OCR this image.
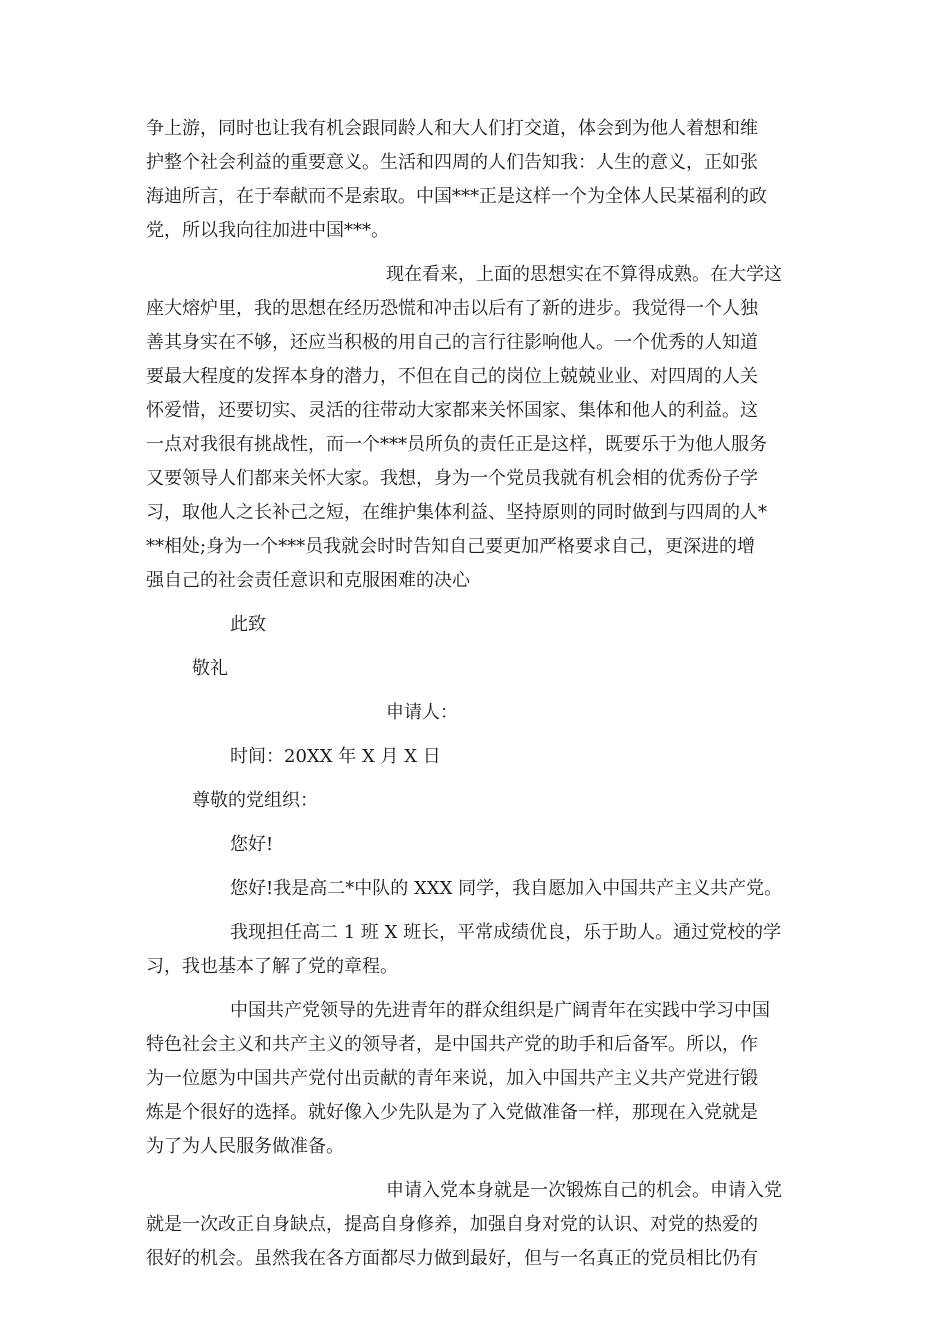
争上游，同时也让我有机会跟同龄人和大人们打交道，体会到为他人着想和维
护整个社会利益的重要意义。生活和四周的人们告知我：人生的意义，正如张
海迪所言，在于奉献而不是索取。中国***正是这样一个为全体人民某福利的政
党，所以我向往加进中国***。
现在看来，上面的思想实在不算得成熟。在大学这
座大熔炉里，我的思想在经历恐慌和冲击以后有了新的进步。我觉得一个人独
善其身实在不够，还应当积极的用自己的言行往影响他人。一个优秀的人知道
要最大程度的发挥本身的潜力，不但在自己的岗位上兢兢业业、对四周的人关
怀爱惜，还要切实、灵活的往带动大家都来关怀国家、集体和他人的利益。这
一点对我很有挑战性，而一个***员所负的责任正是这样，既要乐于为他人服务
又要领导人们都来关怀大家。我想，身为一个党员我就有机会相的优秀份子学
习，取他人之长补己之短，在维护集体利益、坚持原则的同时做到与四周的人*
**相处;身为一个***员我就会时时告知自己要更加严格要求自己，更深进的增
强自己的社会责任意识和克服困难的决心
此致
敬礼
申请人：
时间：20XX 年 X 月 X 日
尊敬的党组织：
您好!
您好!我是高二*中队的 XXX 同学，我自愿加入中国共产主义共产党。
我现担任高二 1 班 X 班长，平常成绩优良，乐于助人。通过党校的学
习，我也基本了解了党的章程。
中国共产党领导的先进青年的群众组织是广阔青年在实践中学习中国
特色社会主义和共产主义的领导者，是中国共产党的助手和后备军。所以，作
为一位愿为中国共产党付出贡献的青年来说，加入中国共产主义共产党进行锻
炼是个很好的选择。就好像入少先队是为了入党做准备一样，那现在入党就是
为了为人民服务做准备。
申请入党本身就是一次锻炼自己的机会。申请入党
就是一次改正自身缺点，提高自身修养，加强自身对党的认识、对党的热爱的
很好的机会。虽然我在各方面都尽力做到最好，但与一名真正的党员相比仍有
